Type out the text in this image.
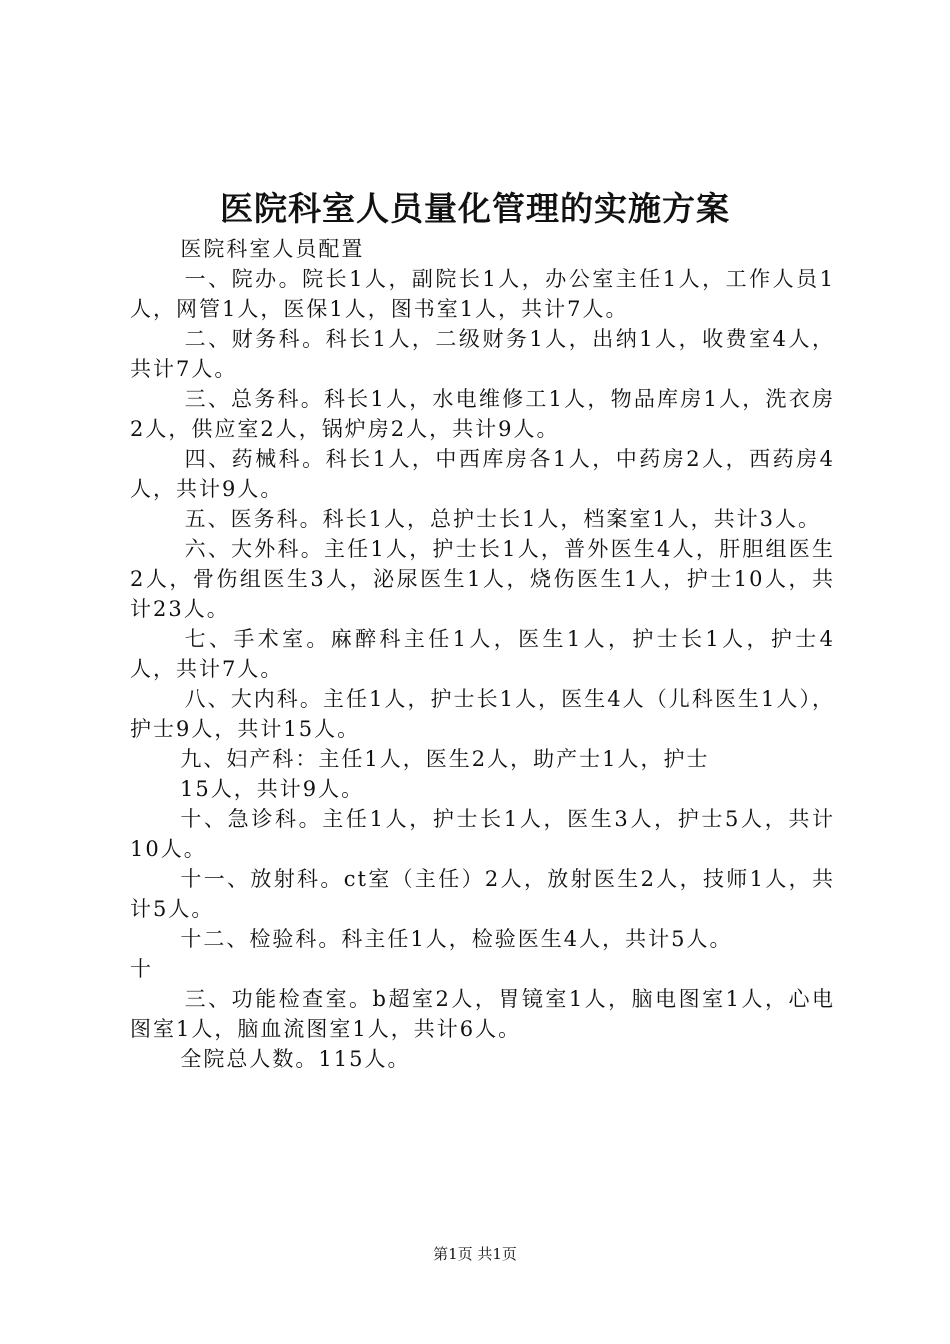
医院科室人员量化管理的实施方案

医院科室人员配置

一、院办。院长1人，副院长1人，办公室主任1人，工作人员1人，网管1人，医保1人，图书室1人，共计7人。

二、财务科。科长1人，二级财务1人，出纳1人，收费室4人，共计7人。

三、总务科。科长1人，水电维修工1人，物品库房1人，洗衣房2人，供应室2人，锅炉房2人，共计9人。

四、药械科。科长1人，中西库房各1人，中药房2人，西药房4人，共计9人。

五、医务科。科长1人，总护士长1人，档案室1人，共计3人。

六、大外科。主任1人，护士长1人，普外医生4人，肝胆组医生2人，骨伤组医生3人，泌尿医生1人，烧伤医生1人，护士10人，共计23人。

七、手术室。麻醉科主任1人，医生1人，护士长1人，护士4人，共计7人。

八、大内科。主任1人，护士长1人，医生4人（儿科医生1人），护士9人，共计15人。

九、妇产科：主任1人，医生2人，助产士1人，护士

15人，共计9人。

十、急诊科。主任1人，护士长1人，医生3人，护士5人，共计10人。

十一、放射科。ct室（主任）2人，放射医生2人，技师1人，共计5人。

十二、检验科。科主任1人，检验医生4人，共计5人。

十

三、功能检查室。b超室2人，胃镜室1人，脑电图室1人，心电图室1人，脑血流图室1人，共计6人。

全院总人数。115人。

第1页 共1页
